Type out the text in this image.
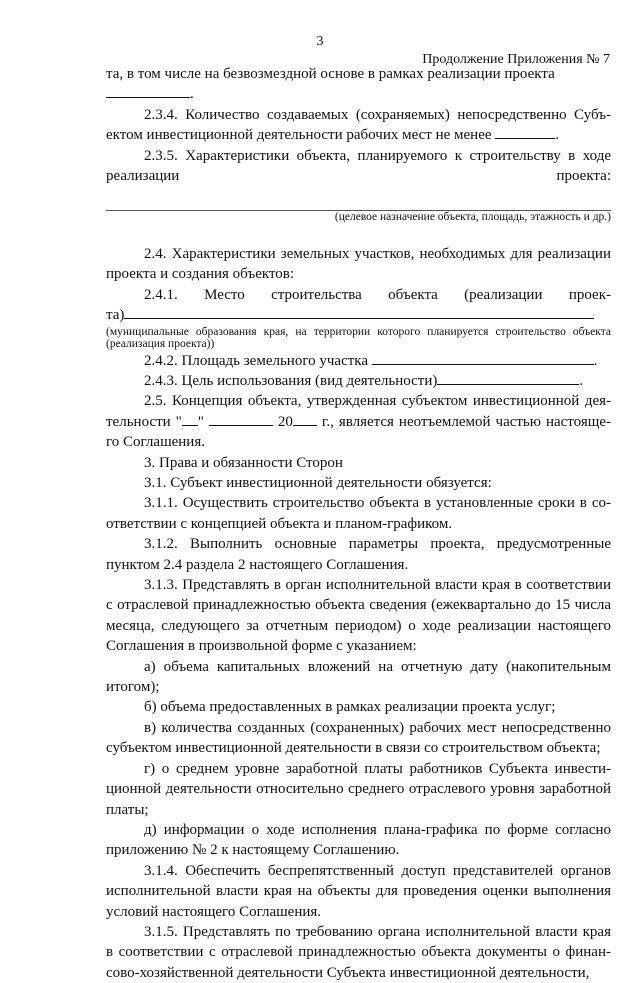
3
Продолжение Приложения № 7

та, в том числе на безвозмездной основе в рамках реализации проекта
.

2.3.4. Количество создаваемых (сохраняемых) непосредственно Субъ-ектом инвестиционной деятельности рабочих мест не менее	.

2.3.5. Характеристики объекта, планируемого к строительству в ходе

реализации	проекта:
(целевое назначение объекта, площадь, этажность и др.)

2.4. Характеристики земельных участков, необходимых для реализации проекта и создания объектов:

2.4.1. Место строительства объекта (реализации проек-

та)

(муниципальные образования края, на территории которого планируется строительство объекта (реализация проекта))

2.4.2. Площадь земельного участка	.

2.4.3. Цель использования (вид деятельности)	.

2.5. Концепция объекта, утвержденная субъектом инвестиционной дея-тельности " "	20 г., является неотъемлемой частью настояще-го Соглашения.

3. Права и обязанности Сторон

3.1. Субъект инвестиционной деятельности обязуется:

3.1.1. Осуществить строительство объекта в установленные сроки в со-ответствии с концепцией объекта и планом-графиком.

3.1.2. Выполнить основные параметры проекта, предусмотренные пунктом 2.4 раздела 2 настоящего Соглашения.

3.1.3. Представлять в орган исполнительной власти края в соответствии с отраслевой принадлежностью объекта сведения (ежеквартально до 15 числа месяца, следующего за отчетным периодом) о ходе реализации настоящего Соглашения в произвольной форме с указанием:

а) объема капитальных вложений на отчетную дату (накопительным итогом);

б) объема предоставленных в рамках реализации проекта услуг;

в) количества созданных (сохраненных) рабочих мест непосредственно субъектом инвестиционной деятельности в связи со строительством объекта;

г) о среднем уровне заработной платы работников Субъекта инвести-ционной деятельности относительно среднего отраслевого уровня заработной платы;

д) информации о ходе исполнения плана-графика по форме согласно приложению № 2 к настоящему Соглашению.

3.1.4. Обеспечить беспрепятственный доступ представителей органов исполнительной власти края на объекты для проведения оценки выполнения условий настоящего Соглашения.

3.1.5. Представлять по требованию органа исполнительной власти края в соответствии с отраслевой принадлежностью объекта документы о финан-сово-хозяйственной деятельности Субъекта инвестиционной деятельности,
